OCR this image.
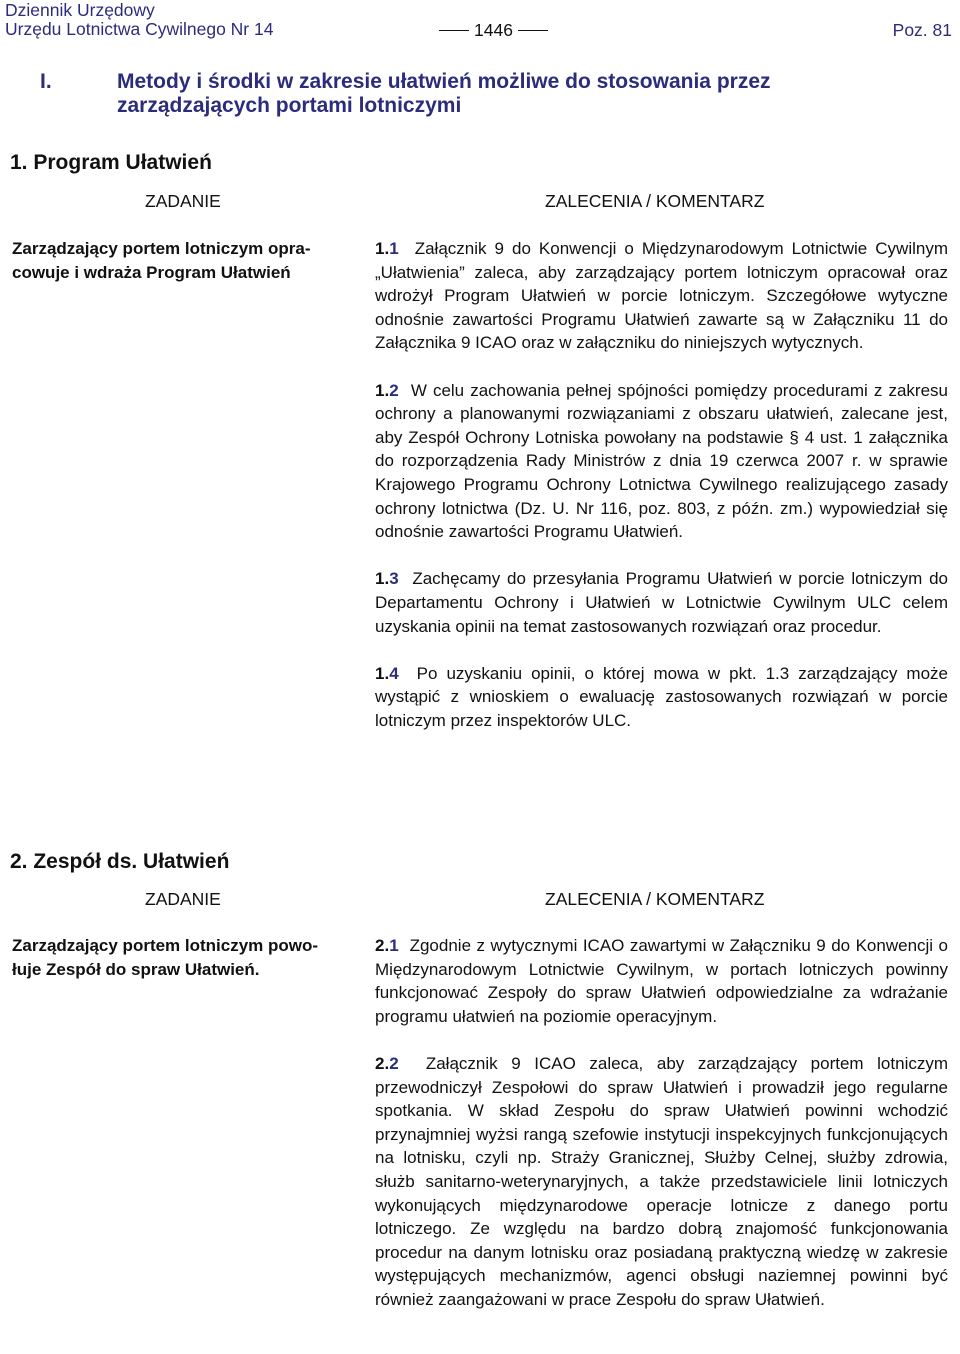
Dziennik Urzędowy
Urzędu Lotnictwa Cywilnego Nr 14	1446	Poz. 81
I.	Metody i środki w zakresie ułatwień możliwe do stosowania przez zarządzających portami lotniczymi
1. Program Ułatwień
ZADANIE	ZALECENIA / KOMENTARZ
Zarządzający portem lotniczym opra-
cowuje i wdraża Program Ułatwień

1.1 Załącznik 9 do Konwencji o Międzynarodowym Lotnictwie Cywilnym „Ułatwienia” zaleca, aby zarządzający portem lotniczym opracował oraz wdrożył Program Ułatwień w porcie lotniczym. Szczegółowe wytyczne odnośnie zawartości Programu Ułatwień zawarte są w Załączniku 11 do Załącznika 9 ICAO oraz w załączniku do niniejszych wytycznych.

1.2 W celu zachowania pełnej spójności pomiędzy procedurami z zakresu ochrony a planowanymi rozwiązaniami z obszaru ułatwień, zalecane jest, aby Zespół Ochrony Lotniska powołany na podstawie § 4 ust. 1 załącznika do rozporządzenia Rady Ministrów z dnia 19 czerwca 2007 r. w sprawie Krajowego Programu Ochrony Lotnictwa Cywilnego realizującego zasady ochrony lotnictwa (Dz. U. Nr 116, poz. 803, z późn. zm.) wypowiedział się odnośnie zawartości Programu Ułatwień.

1.3 Zachęcamy do przesyłania Programu Ułatwień w porcie lotniczym do Departamentu Ochrony i Ułatwień w Lotnictwie Cywilnym ULC celem uzyskania opinii na temat zastosowanych rozwiązań oraz procedur.

1.4 Po uzyskaniu opinii, o której mowa w pkt. 1.3 zarządzający może wystąpić z wnioskiem o ewaluację zastosowanych rozwiązań w porcie lotniczym przez inspektorów ULC.

2. Zespół ds. Ułatwień
ZADANIE	ZALECENIA / KOMENTARZ
Zarządzający portem lotniczym powo-
łuje Zespół do spraw Ułatwień.

2.1 Zgodnie z wytycznymi ICAO zawartymi w Załączniku 9 do Konwencji o Międzynarodowym Lotnictwie Cywilnym, w portach lotniczych powinny funkcjonować Zespoły do spraw Ułatwień odpowiedzialne za wdrażanie programu ułatwień na poziomie operacyjnym.

2.2 Załącznik 9 ICAO zaleca, aby zarządzający portem lotniczym przewodniczył Zespołowi do spraw Ułatwień i prowadził jego regularne spotkania. W skład Zespołu do spraw Ułatwień powinni wchodzić przynajmniej wyżsi rangą szefowie instytucji inspekcyjnych funkcjonujących na lotnisku, czyli np. Straży Granicznej, Służby Celnej, służby zdrowia, służb sanitarno-weterynaryjnych, a także przedstawiciele linii lotniczych wykonujących międzynarodowe operacje lotnicze z danego portu lotniczego. Ze względu na bardzo dobrą znajomość funkcjonowania procedur na danym lotnisku oraz posiadaną praktyczną wiedzę w zakresie występujących mechanizmów, agenci obsługi naziemnej powinni być również zaangażowani w prace Zespołu do spraw Ułatwień.
